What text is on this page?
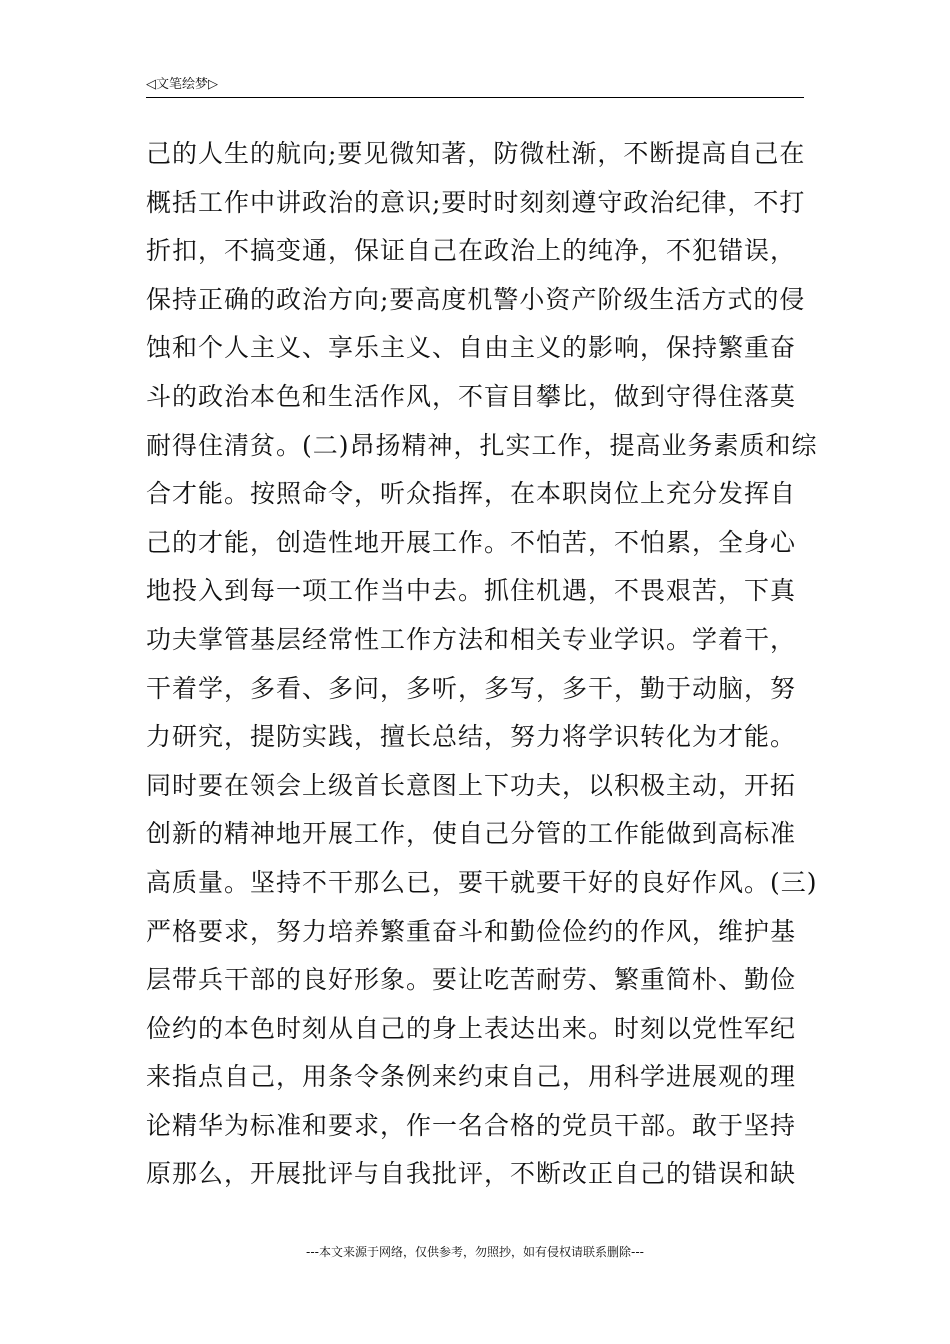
◁文笔绘梦▷
己的人生的航向;要见微知著，防微杜渐，不断提高自己在
概括工作中讲政治的意识;要时时刻刻遵守政治纪律，不打
折扣，不搞变通，保证自己在政治上的纯净，不犯错误，
保持正确的政治方向;要高度机警小资产阶级生活方式的侵
蚀和个人主义、享乐主义、自由主义的影响，保持繁重奋
斗的政治本色和生活作风，不盲目攀比，做到守得住落莫
耐得住清贫。(二)昂扬精神，扎实工作，提高业务素质和综
合才能。按照命令，听众指挥，在本职岗位上充分发挥自
己的才能，创造性地开展工作。不怕苦，不怕累，全身心
地投入到每一项工作当中去。抓住机遇，不畏艰苦，下真
功夫掌管基层经常性工作方法和相关专业学识。学着干，
干着学，多看、多问，多听，多写，多干，勤于动脑，努
力研究，提防实践，擅长总结，努力将学识转化为才能。
同时要在领会上级首长意图上下功夫，以积极主动，开拓
创新的精神地开展工作，使自己分管的工作能做到高标准
高质量。坚持不干那么已，要干就要干好的良好作风。(三)
严格要求，努力培养繁重奋斗和勤俭俭约的作风，维护基
层带兵干部的良好形象。要让吃苦耐劳、繁重简朴、勤俭
俭约的本色时刻从自己的身上表达出来。时刻以党性军纪
来指点自己，用条令条例来约束自己，用科学进展观的理
论精华为标准和要求，作一名合格的党员干部。敢于坚持
原那么，开展批评与自我批评，不断改正自己的错误和缺
---本文来源于网络，仅供参考，勿照抄，如有侵权请联系删除---
